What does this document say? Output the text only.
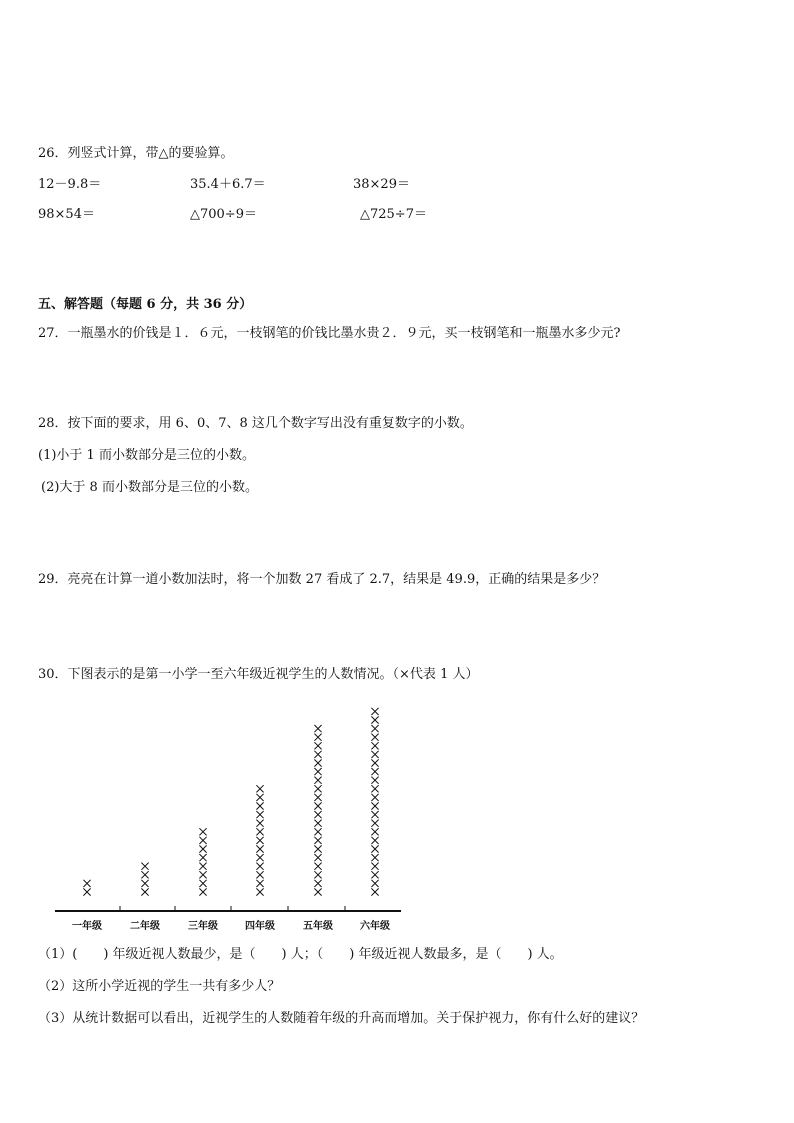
26．列竖式计算，带△的要验算。
12－9.8＝	35.4＋6.7＝	38×29＝
98×54＝	△700÷9＝	△725÷7＝
五、解答题（每题 6 分，共 36 分）
27．一瓶墨水的价钱是１．６元，一枝钢笔的价钱比墨水贵２．９元，买一枝钢笔和一瓶墨水多少元?
28．按下面的要求，用 6、0、7、8 这几个数字写出没有重复数字的小数。
(1)小于 1 而小数部分是三位的小数。
(2)大于 8 而小数部分是三位的小数。
29．亮亮在计算一道小数加法时，将一个加数 27 看成了 2.7，结果是 49.9，正确的结果是多少？
30．下图表示的是第一小学一至六年级近视学生的人数情况。（×代表 1 人）
一年级	二年级	三年级	四年级	五年级	六年级
（1）(　　) 年级近视人数最少，是（　　) 人；（　　) 年级近视人数最多，是（　　) 人。
（2）这所小学近视的学生一共有多少人？
（3）从统计数据可以看出，近视学生的人数随着年级的升高而增加。关于保护视力，你有什么好的建议？
